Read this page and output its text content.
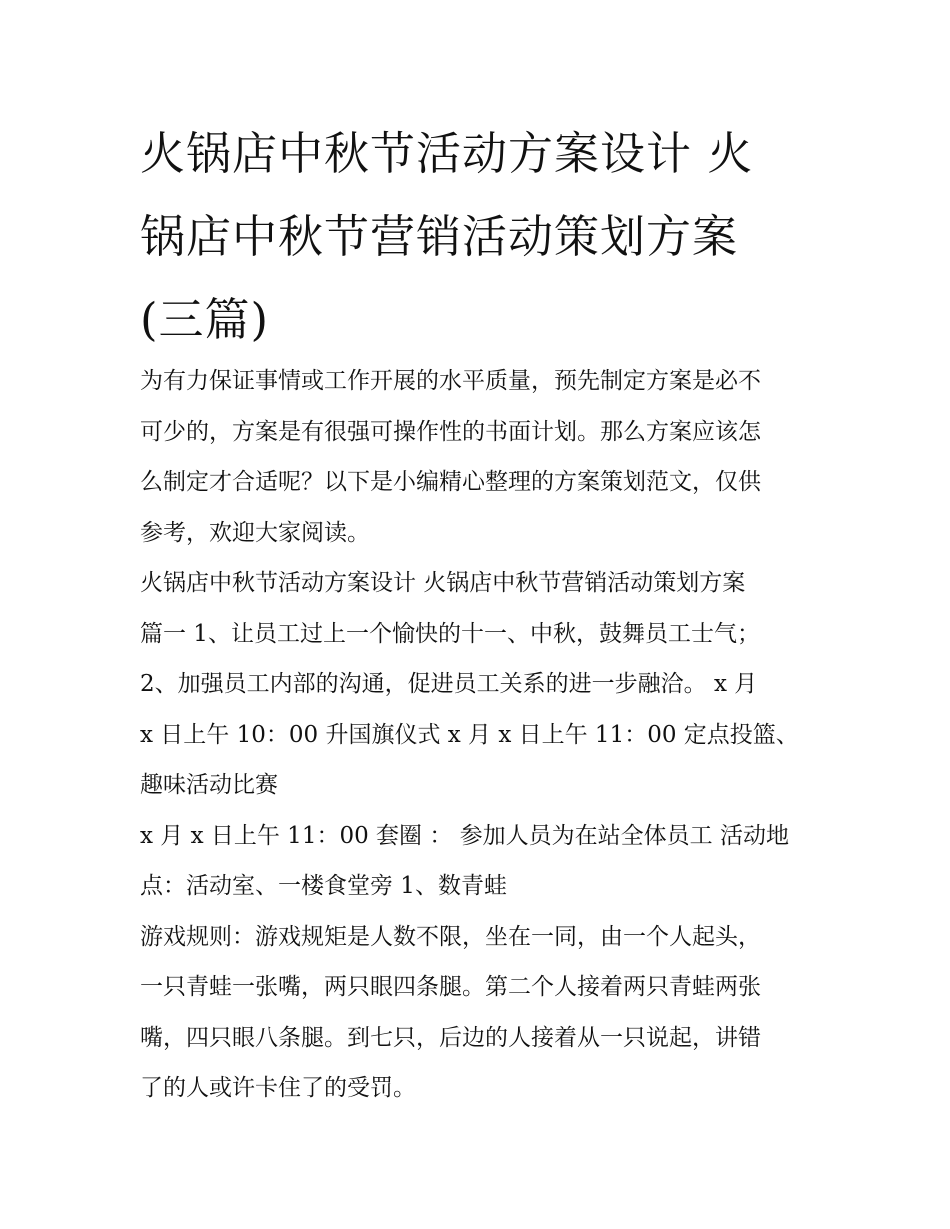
火锅店中秋节活动方案设计 火
锅店中秋节营销活动策划方案
(三篇)

为有力保证事情或工作开展的水平质量，预先制定方案是必不
可少的，方案是有很强可操作性的书面计划。那么方案应该怎
么制定才合适呢？以下是小编精心整理的方案策划范文，仅供
参考，欢迎大家阅读。

火锅店中秋节活动方案设计 火锅店中秋节营销活动策划方案
篇一 1、让员工过上一个愉快的十一、中秋，鼓舞员工士气；
2、加强员工内部的沟通，促进员工关系的进一步融洽。 x 月
x 日上午 10：00 升国旗仪式 x 月 x 日上午 11：00 定点投篮、
趣味活动比赛

x 月 x 日上午 11：00 套圈 ： 参加人员为在站全体员工 活动地
点：活动室、一楼食堂旁 1、数青蛙

游戏规则：游戏规矩是人数不限，坐在一同，由一个人起头，
一只青蛙一张嘴，两只眼四条腿。第二个人接着两只青蛙两张
嘴，四只眼八条腿。到七只，后边的人接着从一只说起，讲错
了的人或许卡住了的受罚。
